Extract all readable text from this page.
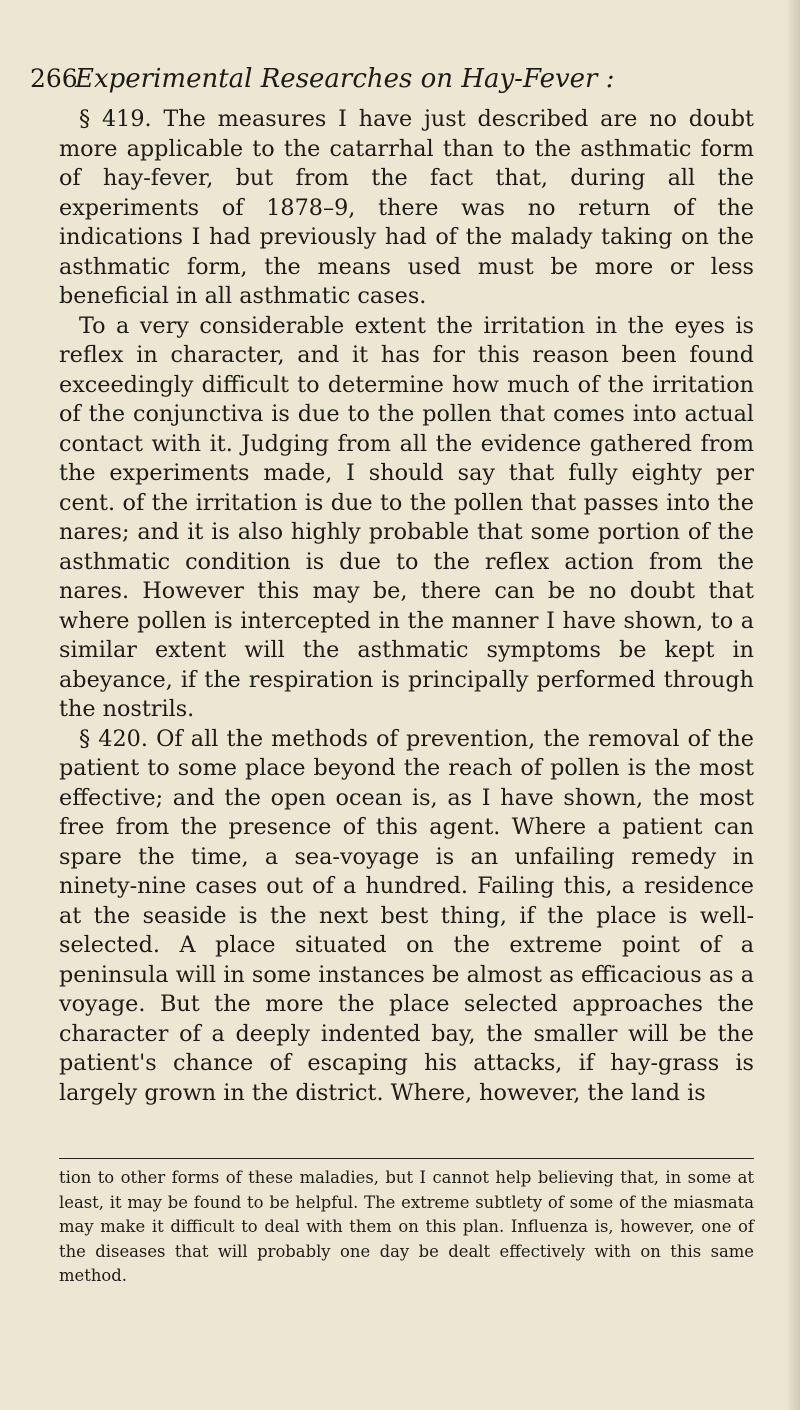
266
Experimental Researches on Hay-Fever :

§ 419. The measures I have just described are no doubt more applicable to the catarrhal than to the asthmatic form of hay-fever, but from the fact that, during all the experiments of 1878–9, there was no return of the indications I had previously had of the malady taking on the asthmatic form, the means used must be more or less beneficial in all asthmatic cases.

To a very considerable extent the irritation in the eyes is reflex in character, and it has for this reason been found exceedingly difficult to determine how much of the irritation of the conjunctiva is due to the pollen that comes into actual contact with it. Judging from all the evidence gathered from the experiments made, I should say that fully eighty per cent. of the irritation is due to the pollen that passes into the nares; and it is also highly probable that some portion of the asthmatic condition is due to the reflex action from the nares. However this may be, there can be no doubt that where pollen is intercepted in the manner I have shown, to a similar extent will the asthmatic symptoms be kept in abeyance, if the respiration is principally performed through the nostrils.

§ 420. Of all the methods of prevention, the removal of the patient to some place beyond the reach of pollen is the most effective; and the open ocean is, as I have shown, the most free from the presence of this agent. Where a patient can spare the time, a sea-voyage is an unfailing remedy in ninety-nine cases out of a hundred. Failing this, a residence at the seaside is the next best thing, if the place is well-selected. A place situated on the extreme point of a peninsula will in some instances be almost as efficacious as a voyage. But the more the place selected approaches the character of a deeply indented bay, the smaller will be the patient's chance of escaping his attacks, if hay-grass is largely grown in the district. Where, however, the land is

tion to other forms of these maladies, but I cannot help believing that, in some at least, it may be found to be helpful. The extreme subtlety of some of the miasmata may make it difficult to deal with them on this plan. Influenza is, however, one of the diseases that will probably one day be dealt effectively with on this same method.
